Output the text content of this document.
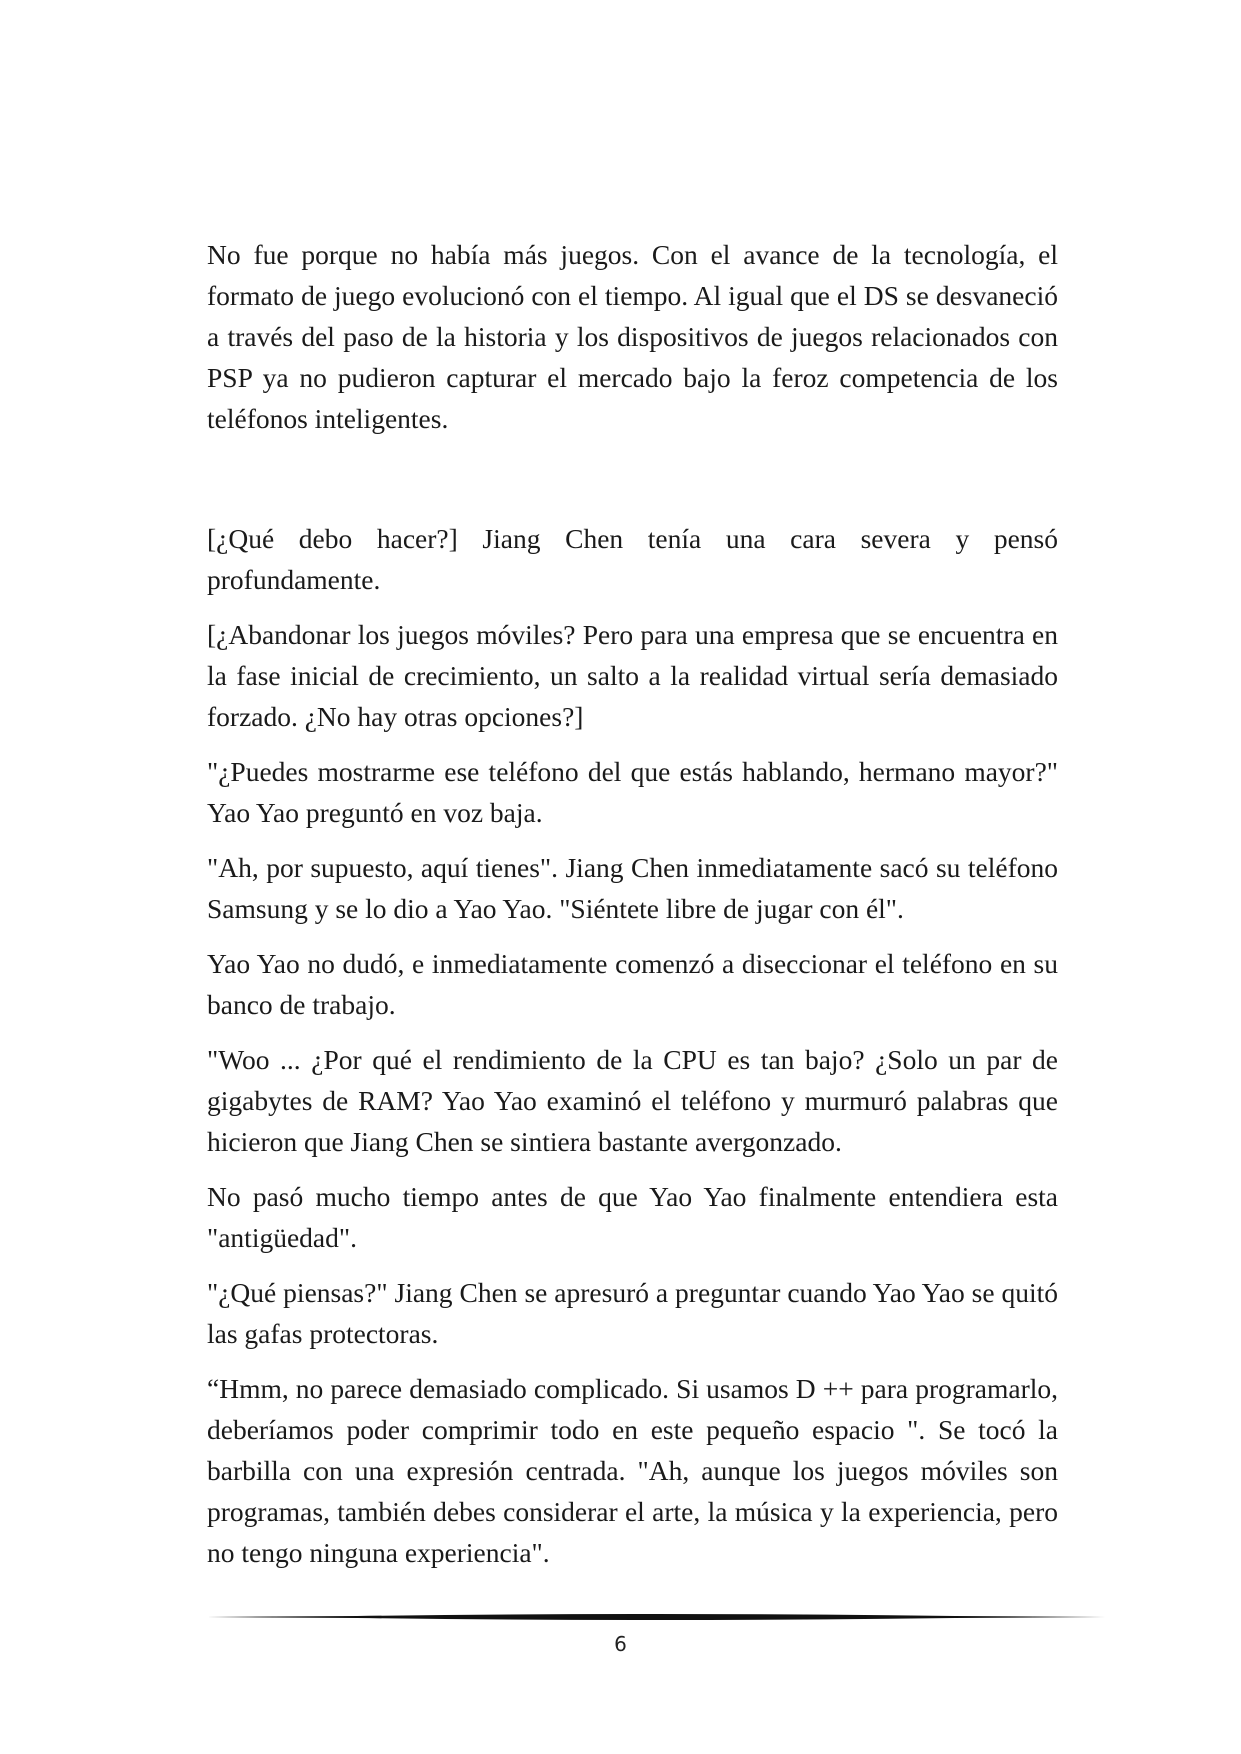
No fue porque no había más juegos. Con el avance de la tecnología, el formato de juego evolucionó con el tiempo. Al igual que el DS se desvaneció a través del paso de la historia y los dispositivos de juegos relacionados con PSP ya no pudieron capturar el mercado bajo la feroz competencia de los teléfonos inteligentes.

[¿Qué debo hacer?] Jiang Chen tenía una cara severa y pensó profundamente.

[¿Abandonar los juegos móviles? Pero para una empresa que se encuentra en la fase inicial de crecimiento, un salto a la realidad virtual sería demasiado forzado. ¿No hay otras opciones?]

"¿Puedes mostrarme ese teléfono del que estás hablando, hermano mayor?" Yao Yao preguntó en voz baja.

"Ah, por supuesto, aquí tienes". Jiang Chen inmediatamente sacó su teléfono Samsung y se lo dio a Yao Yao. "Siéntete libre de jugar con él".

Yao Yao no dudó, e inmediatamente comenzó a diseccionar el teléfono en su banco de trabajo.

"Woo ... ¿Por qué el rendimiento de la CPU es tan bajo? ¿Solo un par de gigabytes de RAM? Yao Yao examinó el teléfono y murmuró palabras que hicieron que Jiang Chen se sintiera bastante avergonzado.

No pasó mucho tiempo antes de que Yao Yao finalmente entendiera esta "antigüedad".

"¿Qué piensas?" Jiang Chen se apresuró a preguntar cuando Yao Yao se quitó las gafas protectoras.

“Hmm, no parece demasiado complicado. Si usamos D ++ para programarlo, deberíamos poder comprimir todo en este pequeño espacio ". Se tocó la barbilla con una expresión centrada. "Ah, aunque los juegos móviles son programas, también debes considerar el arte, la música y la experiencia, pero no tengo ninguna experiencia".

6
